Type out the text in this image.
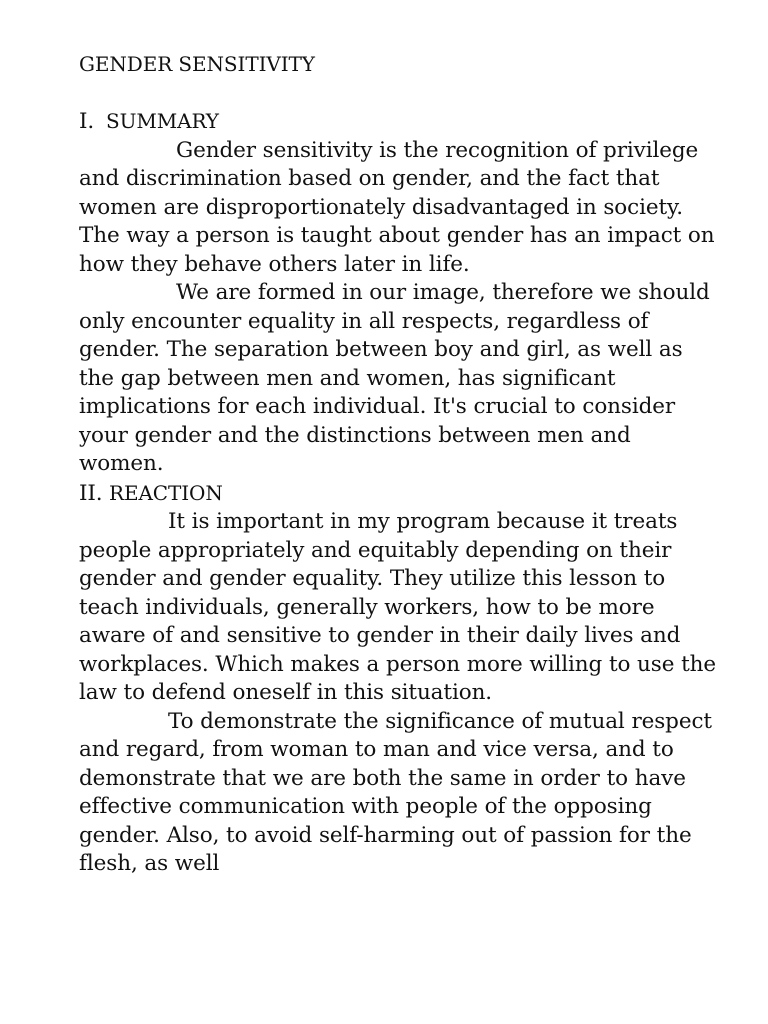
GENDER SENSITIVITY
I. SUMMARY

Gender sensitivity is the recognition of privilege and discrimination based on gender, and the fact that women are disproportionately disadvantaged in society. The way a person is taught about gender has an impact on how they behave others later in life.

We are formed in our image, therefore we should only encounter equality in all respects, regardless of gender. The separation between boy and girl, as well as the gap between men and women, has significant implications for each individual. It's crucial to consider your gender and the distinctions between men and women.

II. REACTION

It is important in my program because it treats people appropriately and equitably depending on their gender and gender equality. They utilize this lesson to teach individuals, generally workers, how to be more aware of and sensitive to gender in their daily lives and workplaces. Which makes a person more willing to use the law to defend oneself in this situation.

To demonstrate the significance of mutual respect and regard, from woman to man and vice versa, and to demonstrate that we are both the same in order to have effective communication with people of the opposing gender. Also, to avoid self-harming out of passion for the flesh, as well
